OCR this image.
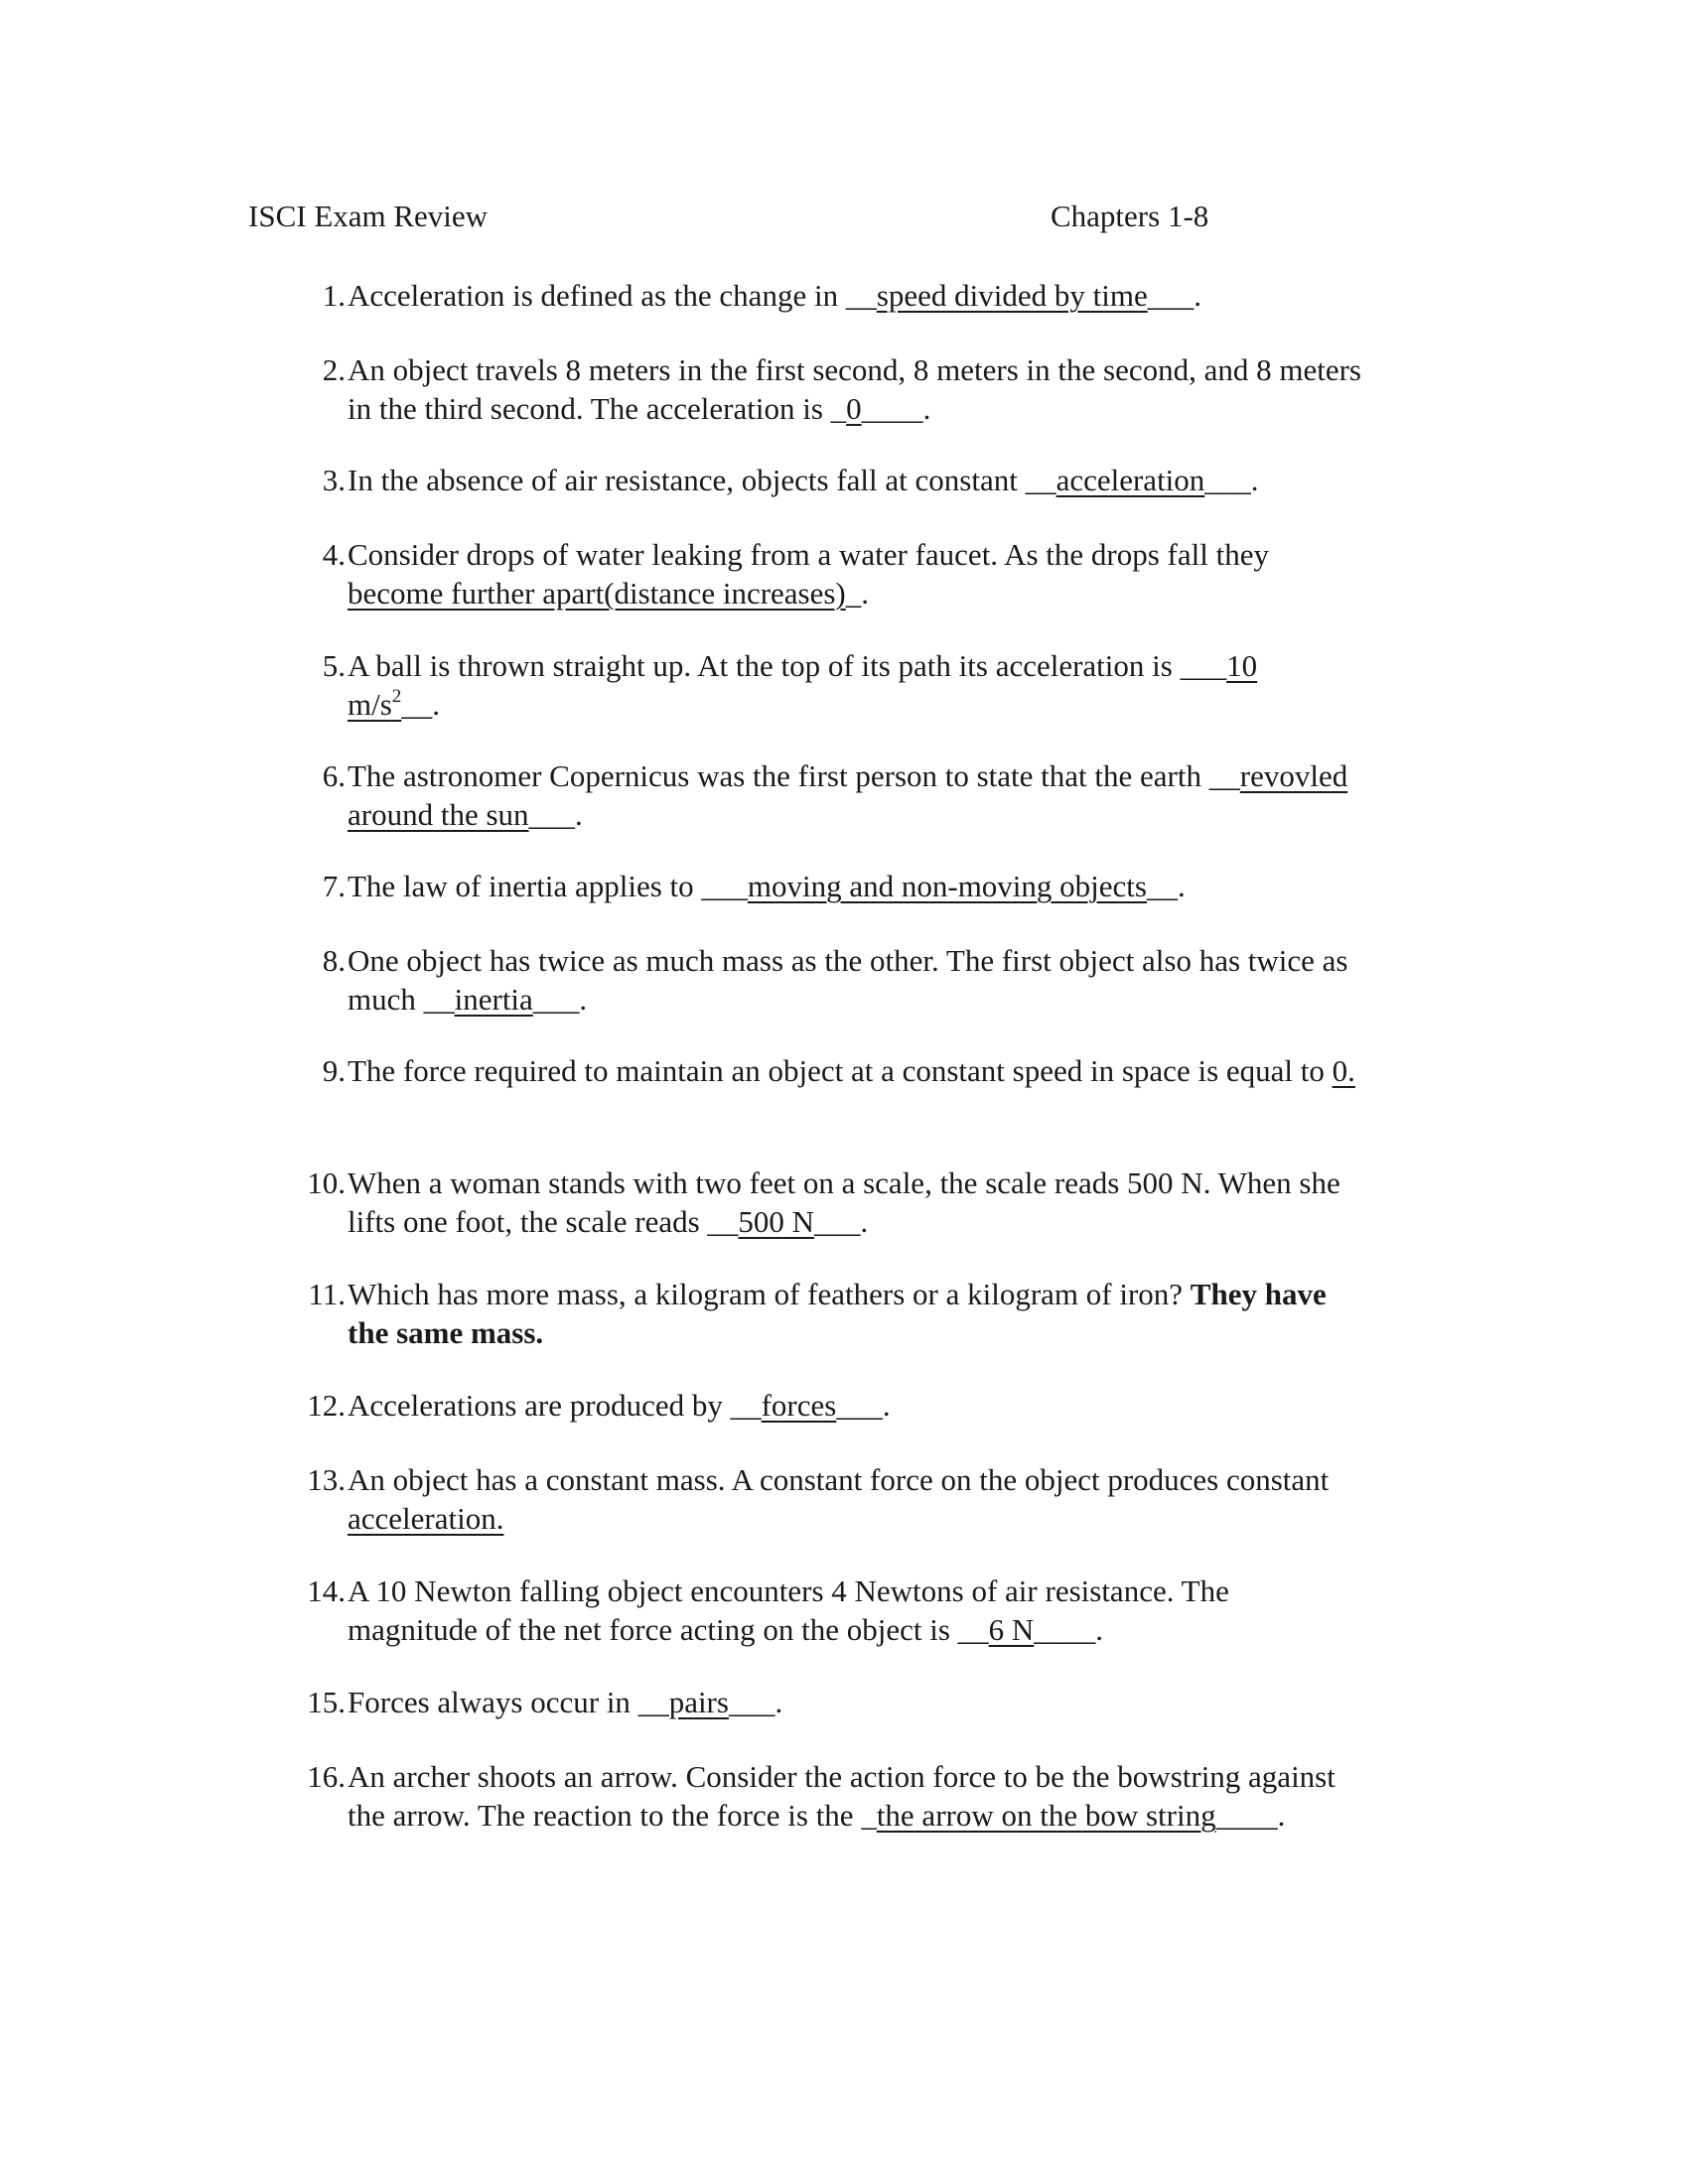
ISCI Exam Review	Chapters 1-8
1. Acceleration is defined as the change in __speed divided by time___.
2. An object travels 8 meters in the first second, 8 meters in the second, and 8 meters
in the third second. The acceleration is _0____.
3. In the absence of air resistance, objects fall at constant __acceleration___.
4. Consider drops of water leaking from a water faucet. As the drops fall they
become further apart(distance increases)_.
5. A ball is thrown straight up. At the top of its path its acceleration is ___10
$m/s^2\_\_$.
6. The astronomer Copernicus was the first person to state that the earth __revovled
around the sun___.
7. The law of inertia applies to ___moving and non-moving objects__.
8. One object has twice as much mass as the other. The first object also has twice as
much __inertia___.
9. The force required to maintain an object at a constant speed in space is equal to 0.
10. When a woman stands with two feet on a scale, the scale reads 500 N. When she
lifts one foot, the scale reads __500 N___.
11. Which has more mass, a kilogram of feathers or a kilogram of iron? They have
the same mass.
12. Accelerations are produced by __forces___.
13. An object has a constant mass. A constant force on the object produces constant
acceleration.
14. A 10 Newton falling object encounters 4 Newtons of air resistance. The
magnitude of the net force acting on the object is __6 N____.
15. Forces always occur in __pairs___.
16. An archer shoots an arrow. Consider the action force to be the bowstring against
the arrow. The reaction to the force is the _the arrow on the bow string____.
